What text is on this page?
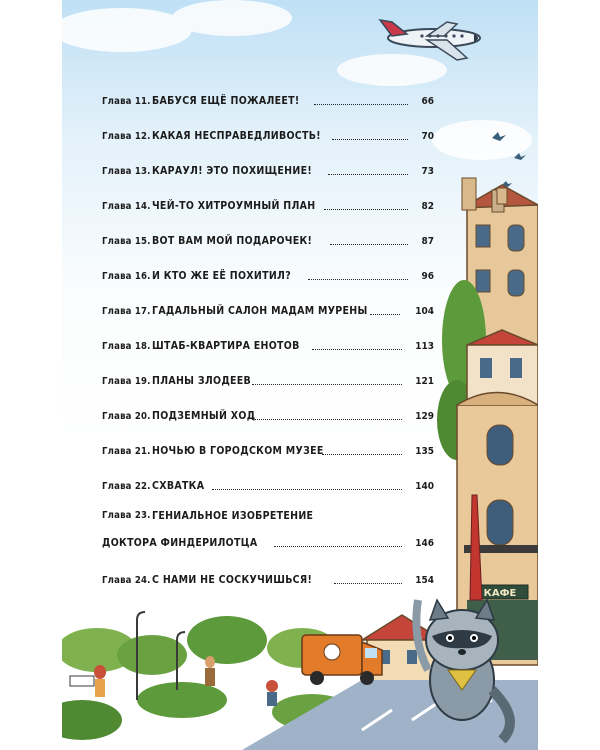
КАФЕ
Глава 11. БАБУСЯ ЕЩЁ ПОЖАЛЕЕТ!	66
Глава 12. КАКАЯ НЕСПРАВЕДЛИВОСТЬ!	70
Глава 13. КАРАУЛ! ЭТО ПОХИЩЕНИЕ!	73
Глава 14. ЧЕЙ-ТО ХИТРОУМНЫЙ ПЛАН	82
Глава 15. ВОТ ВАМ МОЙ ПОДАРОЧЕК!	87
Глава 16. И КТО ЖЕ ЕЁ ПОХИТИЛ?	96
Глава 17. ГАДАЛЬНЫЙ САЛОН МАДАМ МУРЕНЫ	104
Глава 18. ШТАБ-КВАРТИРА ЕНОТОВ	113
Глава 19. ПЛАНЫ ЗЛОДЕЕВ	121
Глава 20. ПОДЗЕМНЫЙ ХОД	129
Глава 21. НОЧЬЮ В ГОРОДСКОМ МУЗЕЕ	135
Глава 22. СХВАТКА	140
Глава 23. ГЕНИАЛЬНОЕ ИЗОБРЕТЕНИЕ
ДОКТОРА ФИНДЕРИЛОТЦА	146
Глава 24. С НАМИ НЕ СОСКУЧИШЬСЯ!	154
